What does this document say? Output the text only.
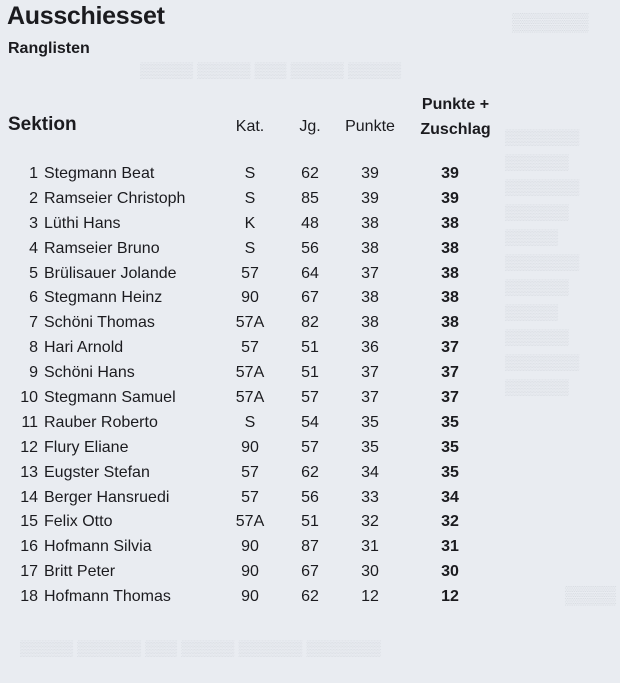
▒▒▒▒▒▒
▒▒▒▒▒ ▒▒▒▒▒ ▒▒▒ ▒▒▒▒▒ ▒▒▒▒▒
▒▒▒▒▒▒▒
▒▒▒▒▒▒
▒▒▒▒▒▒▒
▒▒▒▒▒▒
▒▒▒▒▒
▒▒▒▒▒▒▒
▒▒▒▒▒▒
▒▒▒▒▒
▒▒▒▒▒▒
▒▒▒▒▒▒▒
▒▒▒▒▒▒
▒▒▒▒
▒▒▒▒▒ ▒▒▒▒▒▒ ▒▒▒ ▒▒▒▒▒ ▒▒▒▒▒▒ ▒▒▒▒▒▒▒
Ausschiesset
Ranglisten
Sektion	Kat.	Jg.	Punkte
Punkte +
Zuschlag
1 Stegmann Beat	S	62	39	39
2 Ramseier Christoph	S	85	39	39
3 Lüthi Hans	K	48	38	38
4 Ramseier Bruno	S	56	38	38
5 Brülisauer Jolande	57	64	37	38
6 Stegmann Heinz	90	67	38	38
7 Schöni Thomas	57A	82	38	38
8 Hari Arnold	57	51	36	37
9 Schöni Hans	57A	51	37	37
10 Stegmann Samuel	57A	57	37	37
11 Rauber Roberto	S	54	35	35
12 Flury Eliane	90	57	35	35
13 Eugster Stefan	57	62	34	35
14 Berger Hansruedi	57	56	33	34
15 Felix Otto	57A	51	32	32
16 Hofmann Silvia	90	87	31	31
17 Britt Peter	90	67	30	30
18 Hofmann Thomas	90	62	12	12
